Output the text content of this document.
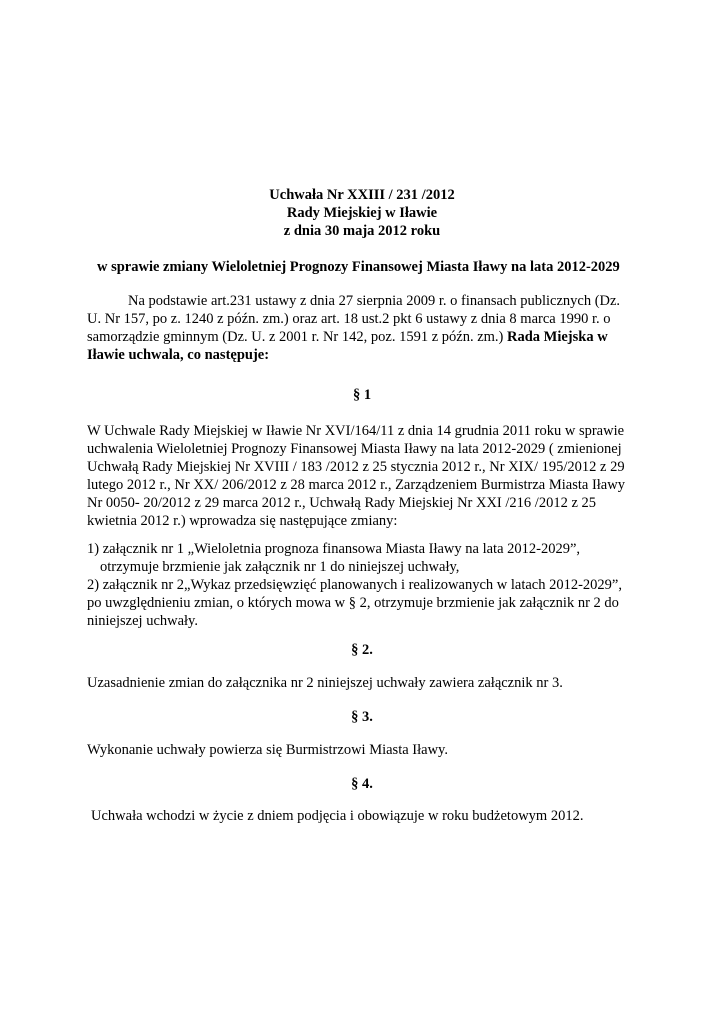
Uchwała Nr XXIII / 231 /2012
Rady Miejskiej w Iławie
z dnia 30 maja 2012 roku
w sprawie zmiany Wieloletniej Prognozy Finansowej Miasta Iławy na lata 2012-2029
Na podstawie art.231 ustawy z dnia 27 sierpnia 2009 r. o finansach publicznych (Dz.
U. Nr 157, po z. 1240 z późn. zm.) oraz art. 18 ust.2 pkt 6 ustawy z dnia 8 marca 1990 r. o
samorządzie gminnym (Dz. U. z 2001 r. Nr 142, poz. 1591 z późn. zm.) Rada Miejska w
Iławie uchwala, co następuje:
§ 1
W Uchwale Rady Miejskiej w Iławie Nr XVI/164/11 z dnia 14 grudnia 2011 roku w sprawie
uchwalenia Wieloletniej Prognozy Finansowej Miasta Iławy na lata 2012-2029 ( zmienionej
Uchwałą Rady Miejskiej Nr XVIII / 183 /2012 z 25 stycznia 2012 r., Nr XIX/ 195/2012 z 29
lutego 2012 r., Nr XX/ 206/2012 z 28 marca 2012 r., Zarządzeniem Burmistrza Miasta Iławy
Nr 0050- 20/2012 z 29 marca 2012 r., Uchwałą Rady Miejskiej Nr XXI /216 /2012 z 25
kwietnia 2012 r.) wprowadza się następujące zmiany:
1) załącznik nr 1 „Wieloletnia prognoza finansowa Miasta Iławy na lata 2012-2029”,
otrzymuje brzmienie jak załącznik nr 1 do niniejszej uchwały,
2) załącznik nr 2„Wykaz przedsięwzięć planowanych i realizowanych w latach 2012-2029”,
po uwzględnieniu zmian, o których mowa w § 2, otrzymuje brzmienie jak załącznik nr 2 do
niniejszej uchwały.
§ 2.
Uzasadnienie zmian do załącznika nr 2 niniejszej uchwały zawiera załącznik nr 3.
§ 3.
Wykonanie uchwały powierza się Burmistrzowi Miasta Iławy.
§ 4.
Uchwała wchodzi w życie z dniem podjęcia i obowiązuje w roku budżetowym 2012.
